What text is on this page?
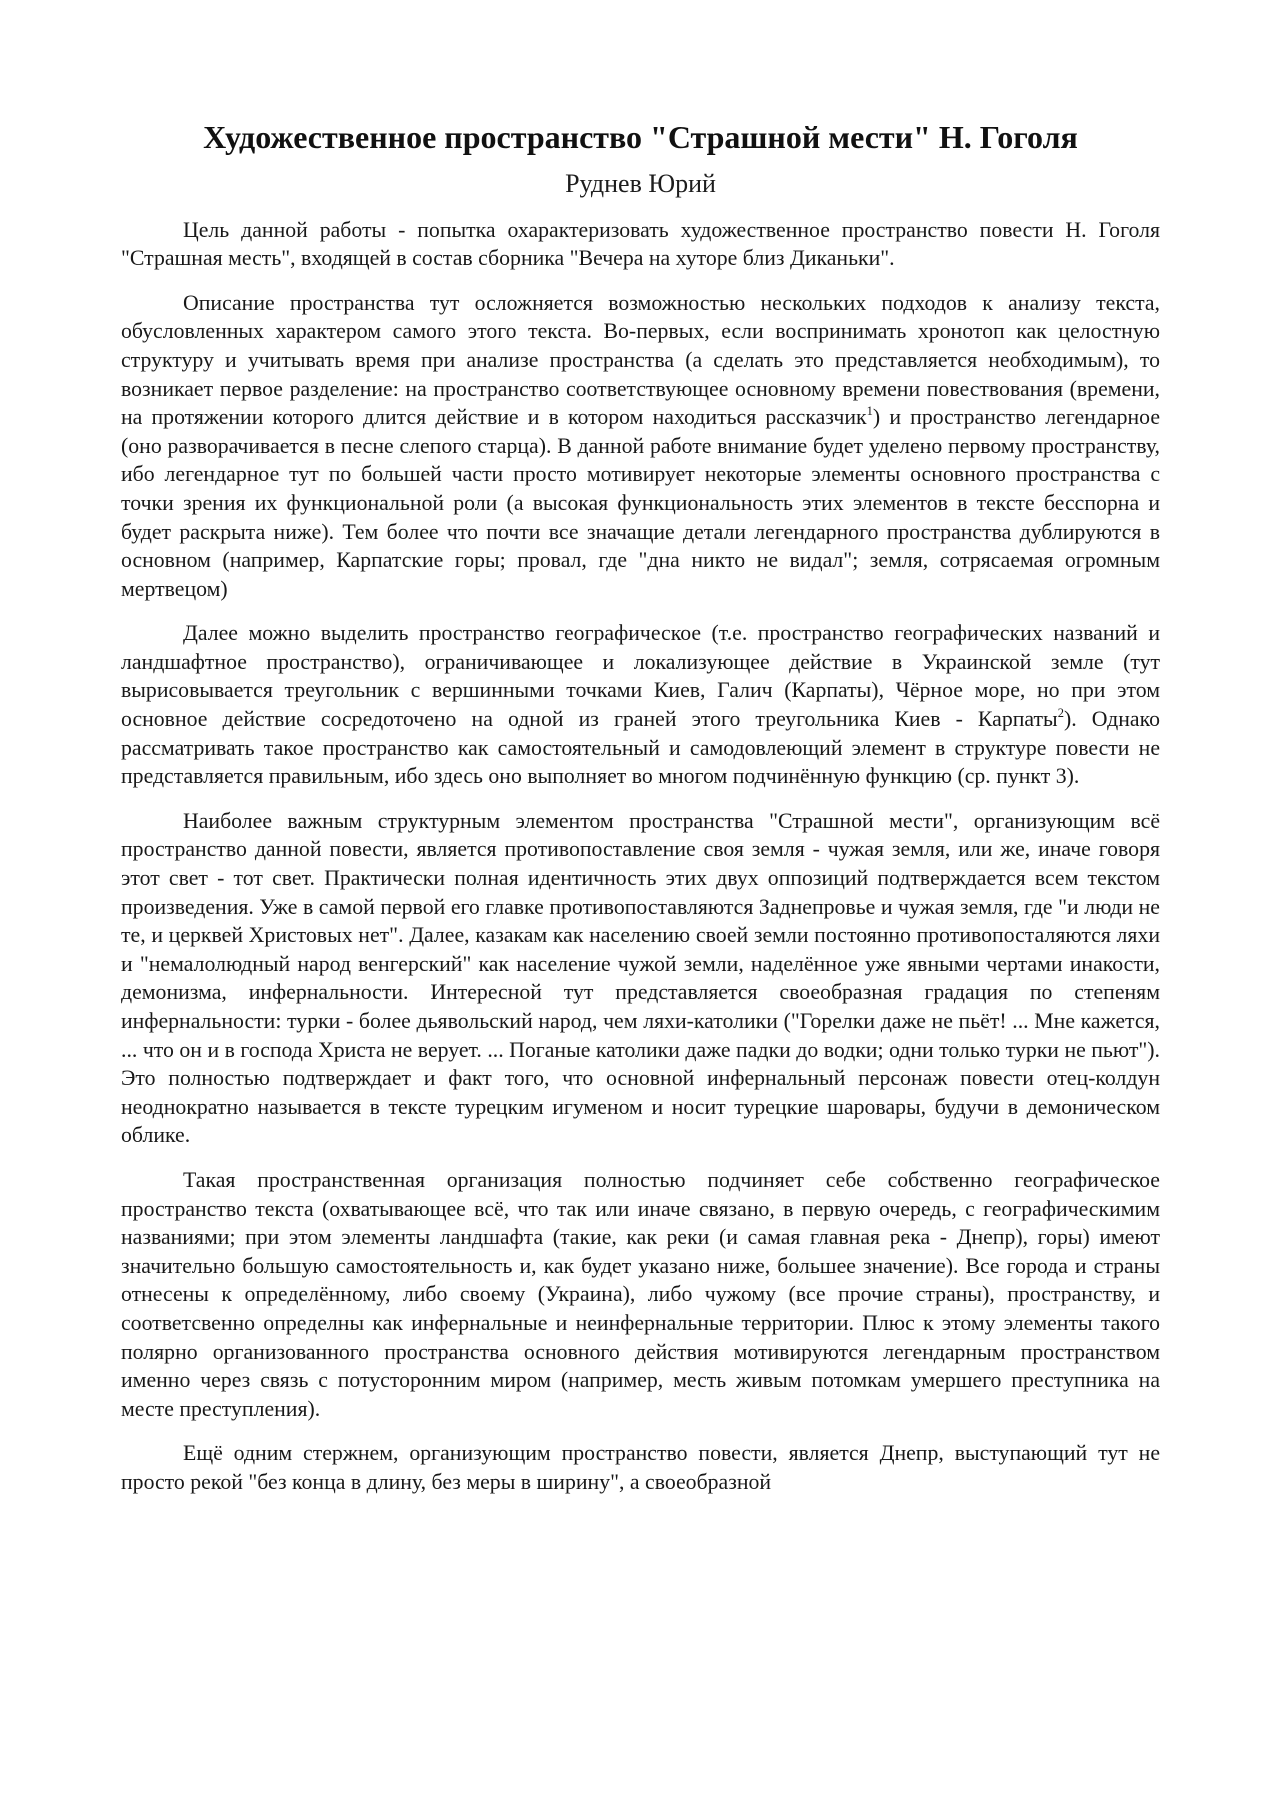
Художественное пространство "Страшной мести" Н. Гоголя
Руднев Юрий

Цель данной работы - попытка охарактеризовать художественное пространство повести Н. Гоголя "Страшная месть", входящей в состав сборника "Вечера на хуторе близ Диканьки".

Описание пространства тут осложняется возможностью нескольких подходов к анализу текста, обусловленных характером самого этого текста. Во-первых, если воспринимать хронотоп как целостную структуру и учитывать время при анализе пространства (а сделать это представляется необходимым), то возникает первое разделение: на пространство соответствующее основному времени повествования (времени, на протяжении которого длится действие и в котором находиться рассказчик$^1$) и пространство легендарное (оно разворачивается в песне слепого старца). В данной работе внимание будет уделено первому пространству, ибо легендарное тут по большей части просто мотивирует некоторые элементы основного пространства с точки зрения их функциональной роли (а высокая функциональность этих элементов в тексте бесспорна и будет раскрыта ниже). Тем более что почти все значащие детали легендарного пространства дублируются в основном (например, Карпатские горы; провал, где "дна никто не видал"; земля, сотрясаемая огромным мертвецом)

Далее можно выделить пространство географическое (т.е. пространство географических названий и ландшафтное пространство), ограничивающее и локализующее действие в Украинской земле (тут вырисовывается треугольник с вершинными точками Киев, Галич (Карпаты), Чёрное море, но при этом основное действие сосредоточено на одной из граней этого треугольника Киев - Карпаты$^2$). Однако рассматривать такое пространство как самостоятельный и самодовлеющий элемент в структуре повести не представляется правильным, ибо здесь оно выполняет во многом подчинённую функцию (ср. пункт 3).

Наиболее важным структурным элементом пространства "Страшной мести", организующим всё пространство данной повести, является противопоставление своя земля - чужая земля, или же, иначе говоря этот свет - тот свет. Практически полная идентичность этих двух оппозиций подтверждается всем текстом произведения. Уже в самой первой его главке противопоставляются Заднепровье и чужая земля, где "и люди не те, и церквей Христовых нет". Далее, казакам как населению своей земли постоянно противопосталяются ляхи и "немалолюдный народ венгерский" как население чужой земли, наделённое уже явными чертами инакости, демонизма, инфернальности. Интересной тут представляется своеобразная градация по степеням инфернальности: турки - более дьявольский народ, чем ляхи-католики ("Горелки даже не пьёт! ... Мне кажется, ... что он и в господа Христа не верует. ... Поганые католики даже падки до водки; одни только турки не пьют"). Это полностью подтверждает и факт того, что основной инфернальный персонаж повести отец-колдун неоднократно называется в тексте турецким игуменом и носит турецкие шаровары, будучи в демоническом облике.

Такая пространственная организация полностью подчиняет себе собственно географическое пространство текста (охватывающее всё, что так или иначе связано, в первую очередь, с географическимим названиями; при этом элементы ландшафта (такие, как реки (и самая главная река - Днепр), горы) имеют значительно большую самостоятельность и, как будет указано ниже, большее значение). Все города и страны отнесены к определённому, либо своему (Украина), либо чужому (все прочие страны), пространству, и соответсвенно определны как инфернальные и неинфернальные территории. Плюс к этому элементы такого полярно организованного пространства основного действия мотивируются легендарным пространством именно через связь с потусторонним миром (например, месть живым потомкам умершего преступника на месте преступления).

Ещё одним стержнем, организующим пространство повести, является Днепр, выступающий тут не просто рекой "без конца в длину, без меры в ширину", а своеобразной
